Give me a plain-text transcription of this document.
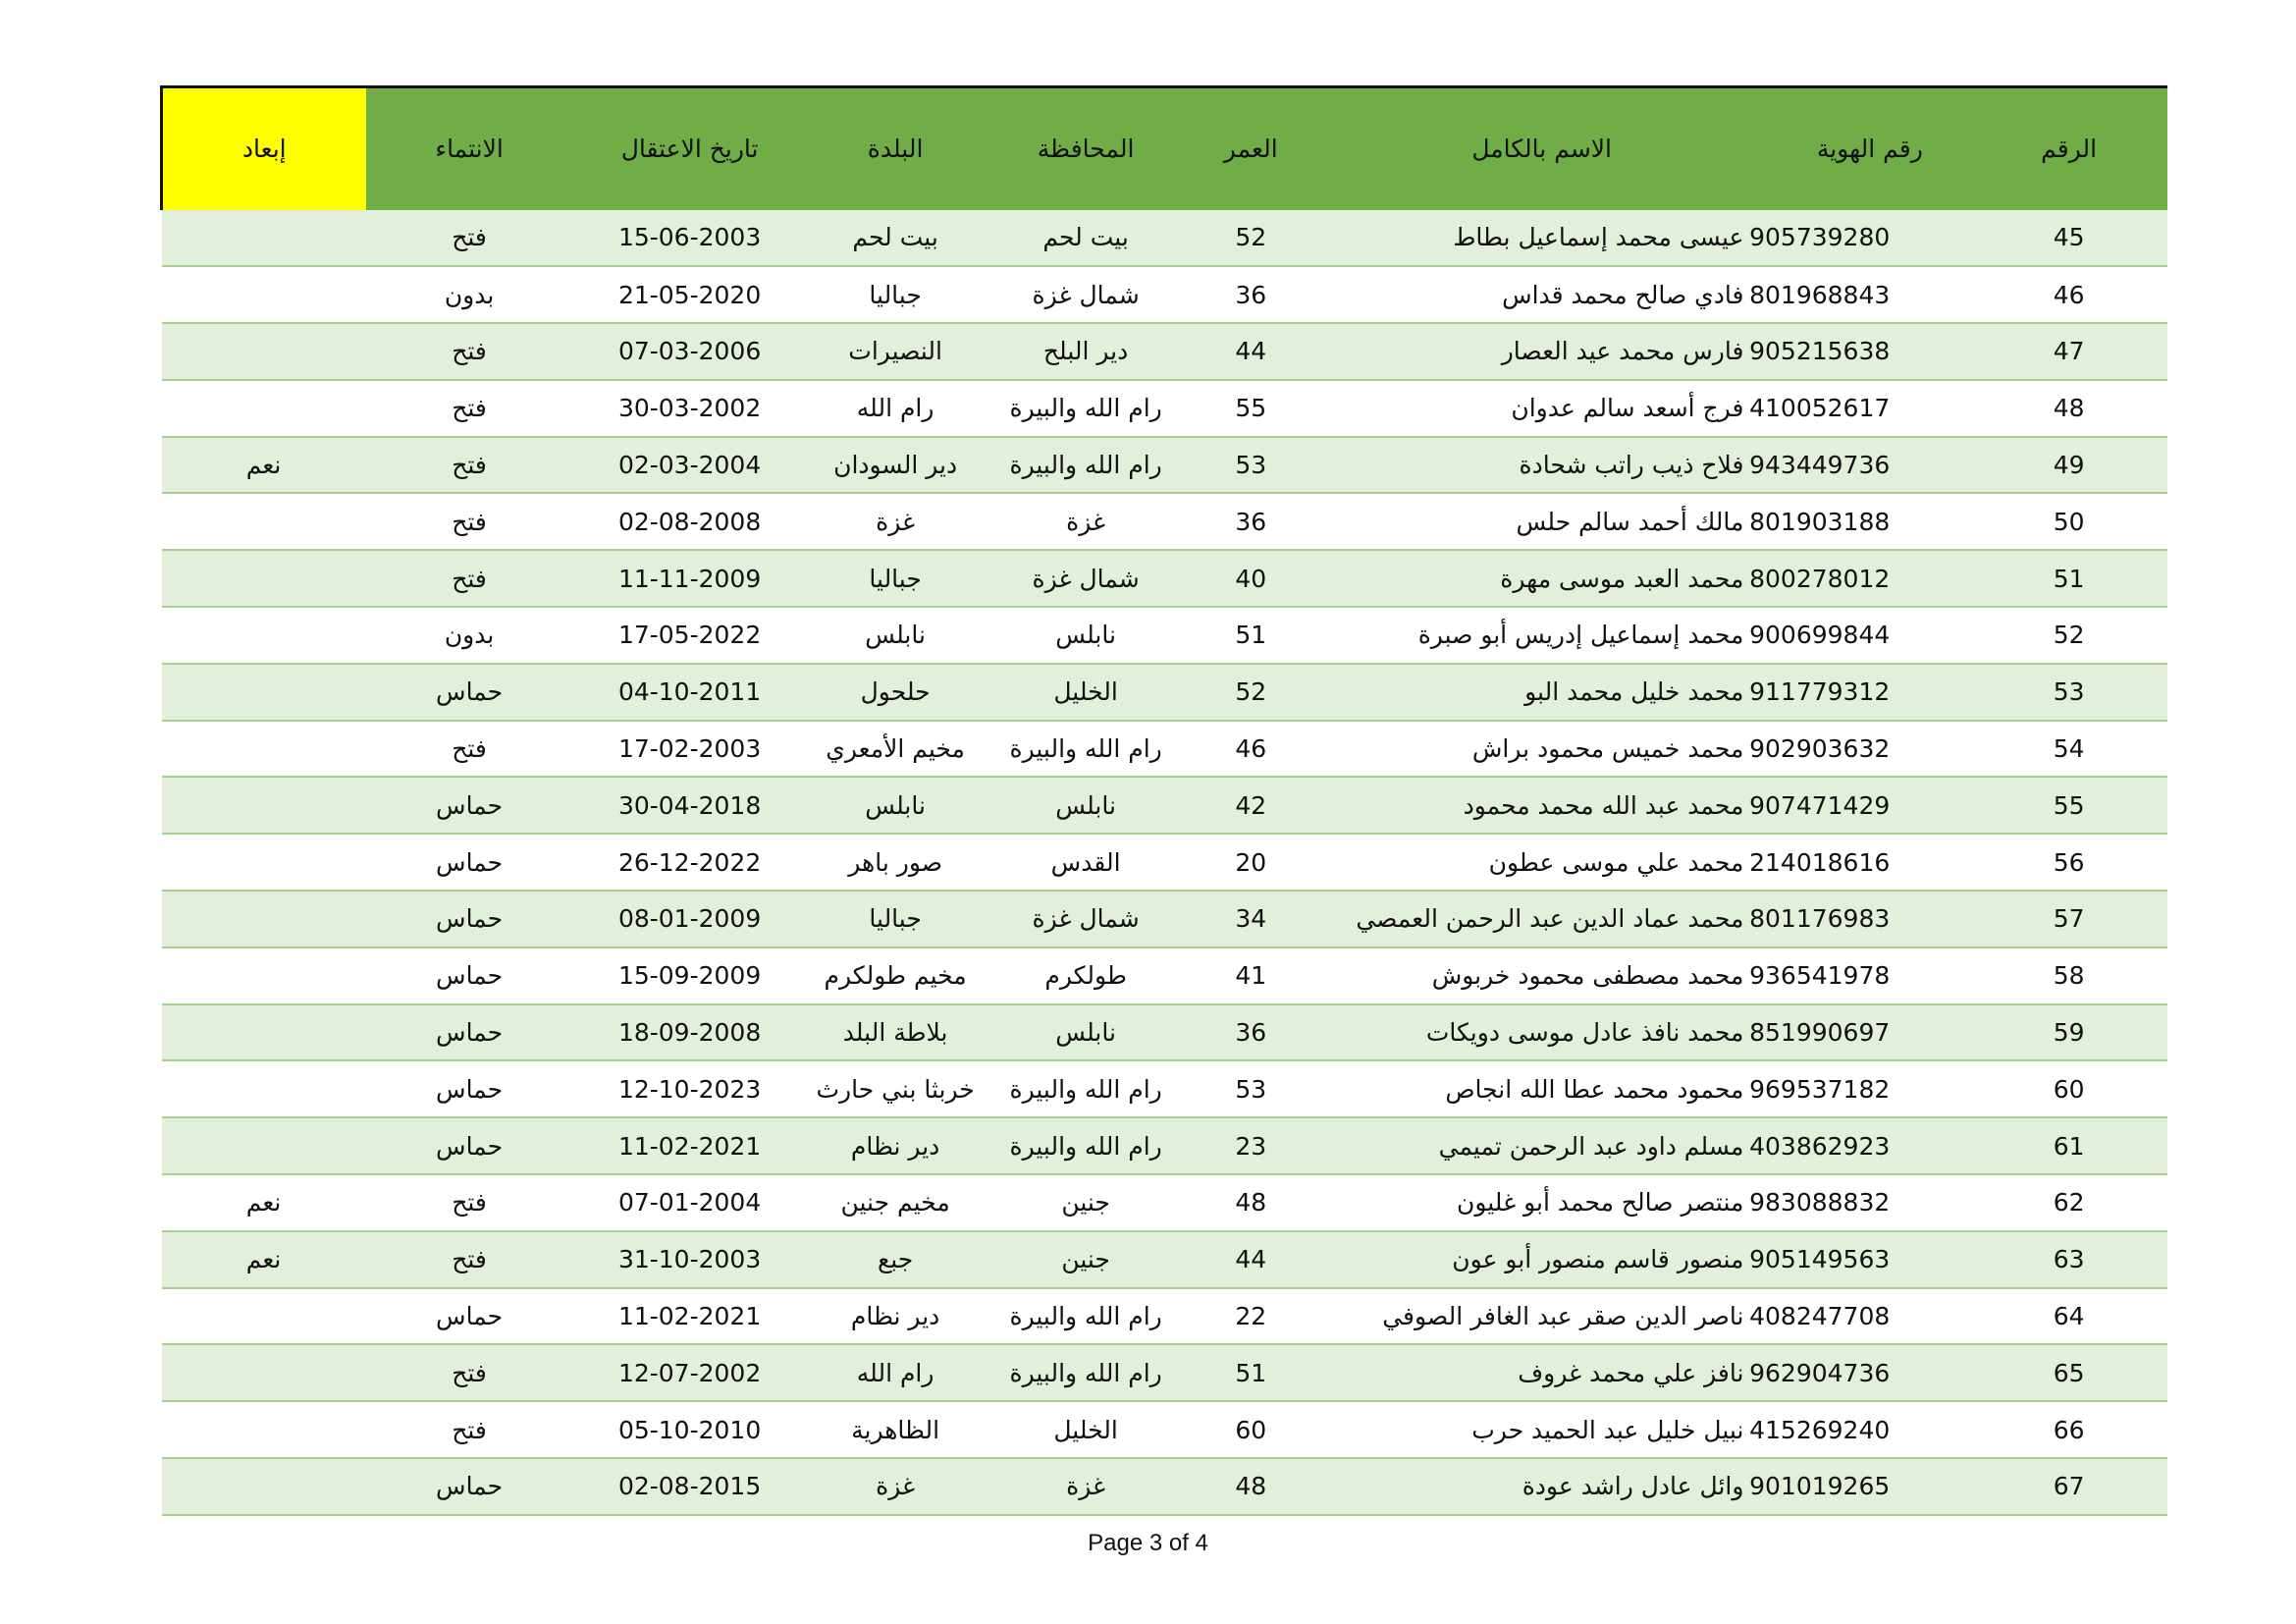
الرقم	رقم الهوية	الاسم بالكامل	العمر	المحافظة	البلدة	تاريخ الاعتقال	الانتماء	إبعاد
45	905739280	عيسى محمد إسماعيل بطاط	52	بيت لحم	بيت لحم	15-06-2003	فتح	
46	801968843	فادي صالح محمد قداس	36	شمال غزة	جباليا	21-05-2020	بدون	
47	905215638	فارس محمد عيد العصار	44	دير البلح	النصيرات	07-03-2006	فتح	
48	410052617	فرج أسعد سالم عدوان	55	رام الله والبيرة	رام الله	30-03-2002	فتح	
49	943449736	فلاح ذيب راتب شحادة	53	رام الله والبيرة	دير السودان	02-03-2004	فتح	نعم
50	801903188	مالك أحمد سالم حلس	36	غزة	غزة	02-08-2008	فتح	
51	800278012	محمد العبد موسى مهرة	40	شمال غزة	جباليا	11-11-2009	فتح	
52	900699844	محمد إسماعيل إدريس أبو صبرة	51	نابلس	نابلس	17-05-2022	بدون	
53	911779312	محمد خليل محمد البو	52	الخليل	حلحول	04-10-2011	حماس	
54	902903632	محمد خميس محمود براش	46	رام الله والبيرة	مخيم الأمعري	17-02-2003	فتح	
55	907471429	محمد عبد الله محمد محمود	42	نابلس	نابلس	30-04-2018	حماس	
56	214018616	محمد علي موسى عطون	20	القدس	صور باهر	26-12-2022	حماس	
57	801176983	محمد عماد الدين عبد الرحمن العمصي	34	شمال غزة	جباليا	08-01-2009	حماس	
58	936541978	محمد مصطفى محمود خربوش	41	طولكرم	مخيم طولكرم	15-09-2009	حماس	
59	851990697	محمد نافذ عادل موسى دويكات	36	نابلس	بلاطة البلد	18-09-2008	حماس	
60	969537182	محمود محمد عطا الله انجاص	53	رام الله والبيرة	خربثا بني حارث	12-10-2023	حماس	
61	403862923	مسلم داود عبد الرحمن تميمي	23	رام الله والبيرة	دير نظام	11-02-2021	حماس	
62	983088832	منتصر صالح محمد أبو غليون	48	جنين	مخيم جنين	07-01-2004	فتح	نعم
63	905149563	منصور قاسم منصور أبو عون	44	جنين	جبع	31-10-2003	فتح	نعم
64	408247708	ناصر الدين صقر عبد الغافر الصوفي	22	رام الله والبيرة	دير نظام	11-02-2021	حماس	
65	962904736	نافز علي محمد غروف	51	رام الله والبيرة	رام الله	12-07-2002	فتح	
66	415269240	نبيل خليل عبد الحميد حرب	60	الخليل	الظاهرية	05-10-2010	فتح	
67	901019265	وائل عادل راشد عودة	48	غزة	غزة	02-08-2015	حماس	
Page 3 of 4
